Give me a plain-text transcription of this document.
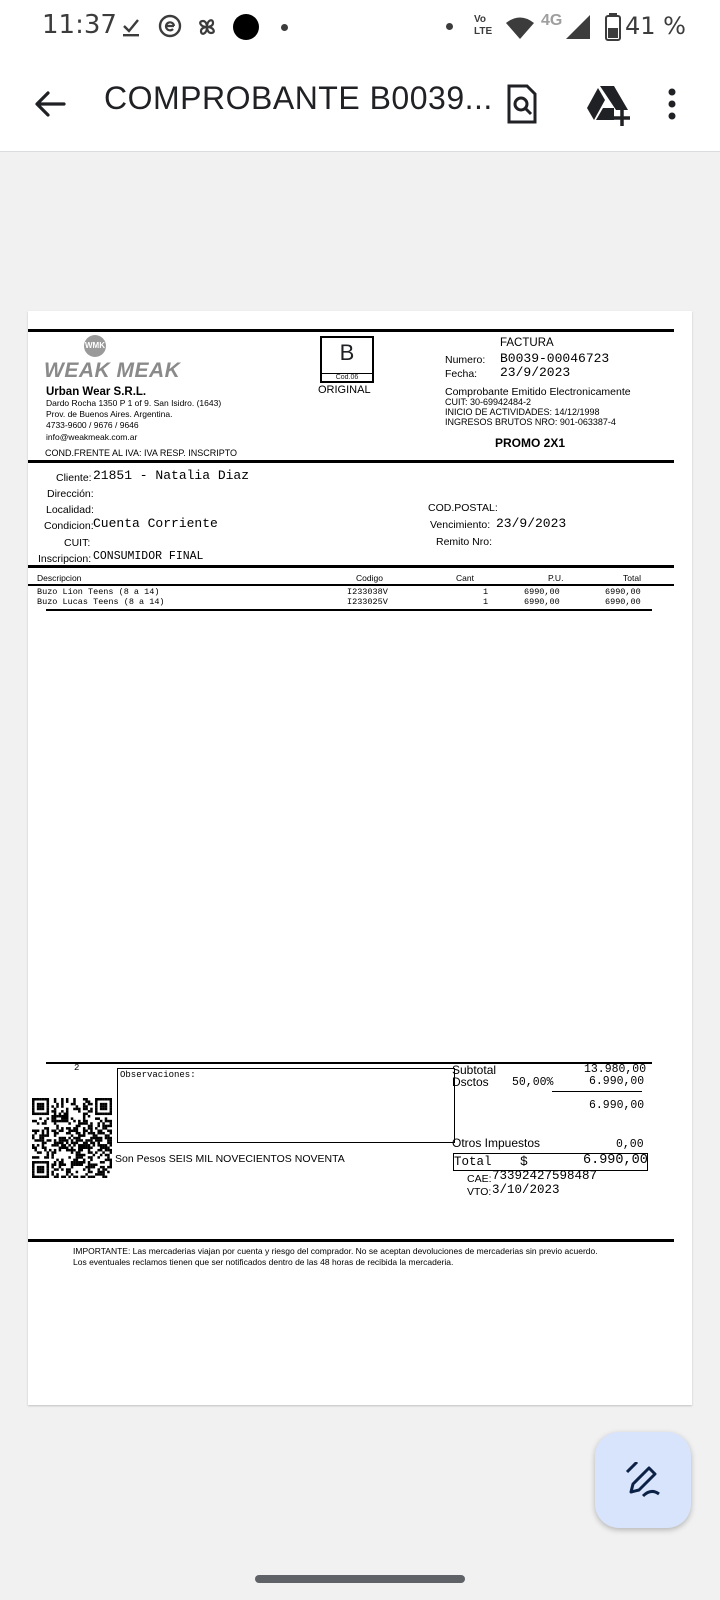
11:37	Vo LTE
4G	41 %
COMPROBANTE B0039...
WMK
WEAK MEAK
Urban Wear S.R.L.
Dardo Rocha 1350 P 1 of 9. San Isidro. (1643)
Prov. de Buenos Aires. Argentina.
4733-9600 / 9676 / 9646
info@weakmeak.com.ar
COND.FRENTE AL IVA: IVA RESP. INSCRIPTO
B
Cod.06
ORIGINAL
FACTURA
Numero: B0039-00046723
Fecha: 23/9/2023
Comprobante Emitido Electronicamente
CUIT: 30-69942484-2
INICIO DE ACTIVIDADES: 14/12/1998
INGRESOS BRUTOS NRO: 901-063387-4
PROMO 2X1
Cliente: 21851 - Natalia Diaz
Dirección:
Localidad:
Condicion: Cuenta Corriente
CUIT:
Inscripcion: CONSUMIDOR FINAL
COD.POSTAL:
Vencimiento: 23/9/2023
Remito Nro:
Descripcion	Codigo	Cant	P.U.	Total
Buzo Lion Teens (8 a 14)	I233038V	1	6990,00	6990,00
Buzo Lucas Teens (8 a 14)	I233025V	1	6990,00	6990,00
2
Observaciones:	Subtotal	13.980,00
Dsctos 50,00%	6.990,00
6.990,00
Otros Impuestos	0,00
Total $	6.990,00
Son Pesos SEIS MIL NOVECIENTOS NOVENTA
CAE: 73392427598487
VTO: 3/10/2023
IMPORTANTE: Las mercaderias viajan por cuenta y riesgo del comprador. No se aceptan devoluciones de mercaderias sin previo acuerdo.
Los eventuales reclamos tienen que ser notificados dentro de las 48 horas de recibida la mercaderia.
